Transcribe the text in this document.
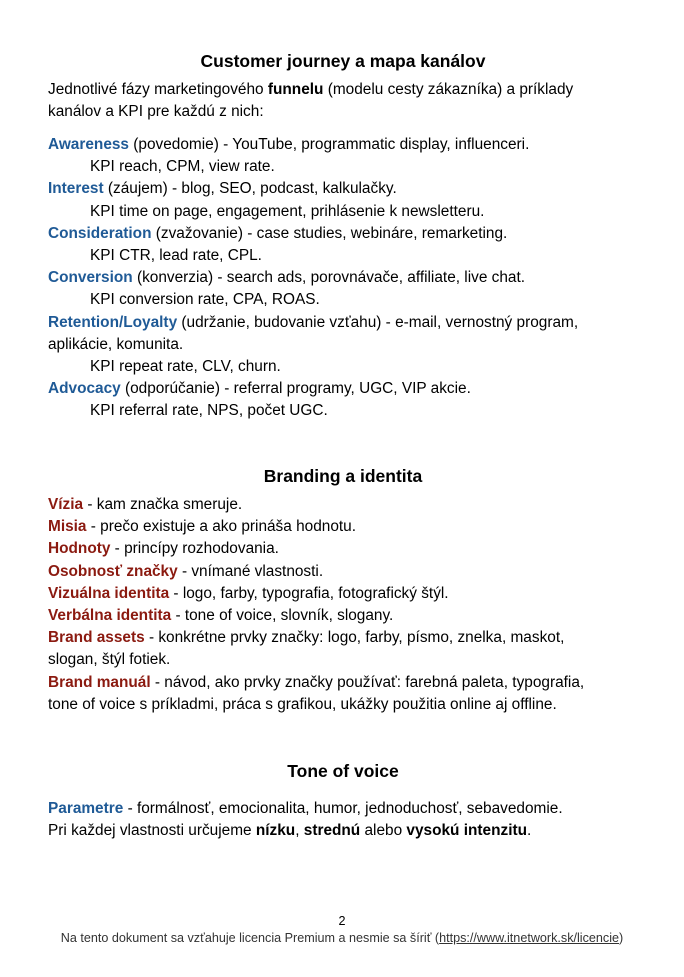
Customer journey a mapa kanálov
Jednotlivé fázy marketingového funnelu (modelu cesty zákazníka) a príklady
kanálov a KPI pre každú z nich:
Awareness (povedomie) - YouTube, programmatic display, influenceri.
KPI reach, CPM, view rate.
Interest (záujem) - blog, SEO, podcast, kalkulačky.
KPI time on page, engagement, prihlásenie k newsletteru.
Consideration (zvažovanie) - case studies, webináre, remarketing.
KPI CTR, lead rate, CPL.
Conversion (konverzia) - search ads, porovnávače, affiliate, live chat.
KPI conversion rate, CPA, ROAS.
Retention/Loyalty (udržanie, budovanie vzťahu) - e-mail, vernostný program,
aplikácie, komunita.
KPI repeat rate, CLV, churn.
Advocacy (odporúčanie) - referral programy, UGC, VIP akcie.
KPI referral rate, NPS, počet UGC.
Branding a identita
Vízia - kam značka smeruje.
Misia - prečo existuje a ako prináša hodnotu.
Hodnoty - princípy rozhodovania.
Osobnosť značky - vnímané vlastnosti.
Vizuálna identita - logo, farby, typografia, fotografický štýl.
Verbálna identita - tone of voice, slovník, slogany.
Brand assets - konkrétne prvky značky: logo, farby, písmo, znelka, maskot,
slogan, štýl fotiek.
Brand manuál - návod, ako prvky značky používať: farebná paleta, typografia,
tone of voice s príkladmi, práca s grafikou, ukážky použitia online aj offline.
Tone of voice
Parametre - formálnosť, emocionalita, humor, jednoduchosť, sebavedomie.
Pri každej vlastnosti určujeme nízku, strednú alebo vysokú intenzitu.
2
Na tento dokument sa vzťahuje licencia Premium a nesmie sa šíriť (https://www.itnetwork.sk/licencie)
